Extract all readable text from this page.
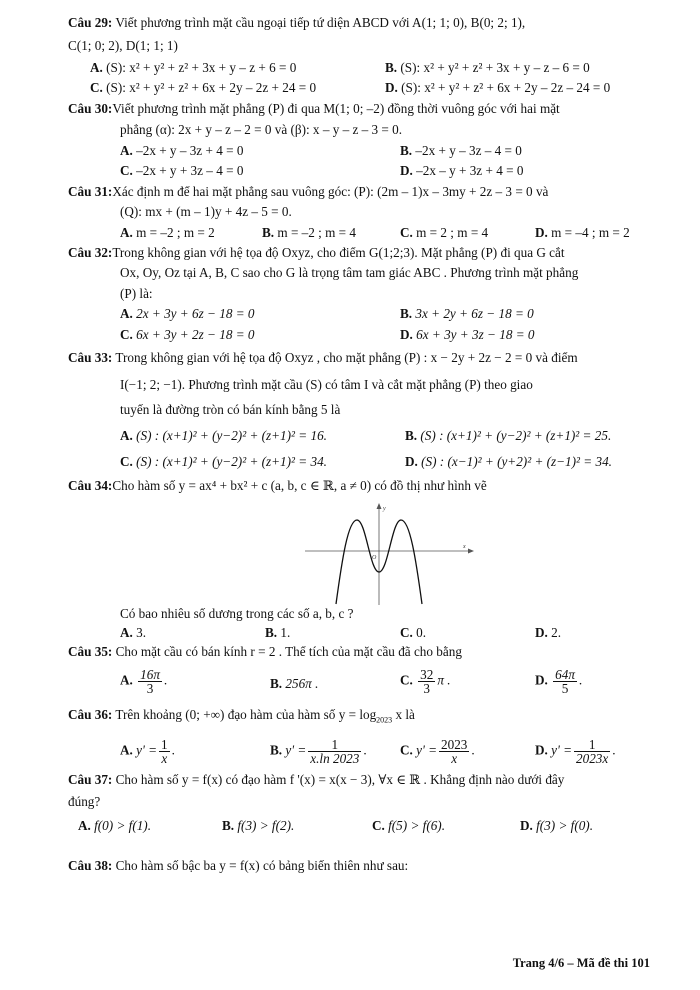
Câu 29: Viết phương trình mặt cầu ngoại tiếp tứ diện ABCD với A(1; 1; 0), B(0; 2; 1),
C(1; 0; 2), D(1; 1; 1)
A. (S): x² + y² + z² + 3x + y – z + 6 = 0	B. (S): x² + y² + z² + 3x + y – z – 6 = 0
C. (S): x² + y² + z² + 6x + 2y – 2z + 24 = 0	D. (S): x² + y² + z² + 6x + 2y – 2z – 24 = 0
Câu 30:Viết phương trình mặt phẳng (P) đi qua M(1; 0; –2) đồng thời vuông góc với hai mặt
phẳng (α): 2x + y – z – 2 = 0 và (β): x – y – z – 3 = 0.
A. –2x + y – 3z + 4 = 0	B. –2x + y – 3z – 4 = 0
C. –2x + y + 3z – 4 = 0	D. –2x – y + 3z + 4 = 0
Câu 31:Xác định m để hai mặt phẳng sau vuông góc: (P): (2m – 1)x – 3my + 2z – 3 = 0 và
(Q): mx + (m – 1)y + 4z – 5 = 0.
A. m = –2 ; m = 2	B. m = –2 ; m = 4	C. m = 2 ; m = 4	D. m = –4 ; m = 2
Câu 32:Trong không gian với hệ tọa độ Oxyz, cho điểm G(1;2;3). Mặt phẳng (P) đi qua G cắt
Ox, Oy, Oz tại A, B, C sao cho G là trọng tâm tam giác ABC . Phương trình mặt phẳng
(P) là:
A. 2x + 3y + 6z − 18 = 0	B. 3x + 2y + 6z − 18 = 0
C. 6x + 3y + 2z − 18 = 0	D. 6x + 3y + 3z − 18 = 0
Câu 33: Trong không gian với hệ tọa độ Oxyz , cho mặt phẳng (P) : x − 2y + 2z − 2 = 0 và điểm
I(−1; 2; −1). Phương trình mặt cầu (S) có tâm I và cắt mặt phẳng (P) theo giao
tuyến là đường tròn có bán kính bằng 5 là
A. (S) : (x+1)² + (y−2)² + (z+1)² = 16.	B. (S) : (x+1)² + (y−2)² + (z+1)² = 25.
C. (S) : (x+1)² + (y−2)² + (z+1)² = 34.	D. (S) : (x−1)² + (y+2)² + (z−1)² = 34.
Câu 34:Cho hàm số y = ax⁴ + bx² + c (a, b, c ∈ ℝ, a ≠ 0) có đồ thị như hình vẽ
y
x
O
Có bao nhiêu số dương trong các số a, b, c ?
A. 3.	B. 1.	C. 0.	D. 2.
Câu 35: Cho mặt cầu có bán kính r = 2 . Thể tích của mặt cầu đã cho bằng
A. $\frac{16\pi}{3}$ .	B. 256π .	C. $\frac{32}{3}$ π .	D. $\frac{64\pi}{5}$ .
Câu 36: Trên khoảng (0; +∞) đạo hàm của hàm số $y = \log_{2023} x$ là
A. $y' = \frac{1}{x}$ .	B. $y' = \frac{1}{x.\ln 2023}$ .	C. $y' = \frac{2023}{x}$ .	D. $y' = \frac{1}{2023x}$ .
Câu 37: Cho hàm số y = f(x) có đạo hàm f '(x) = x(x − 3), ∀x ∈ ℝ . Khẳng định nào dưới đây
đúng?
A. f(0) > f(1).	B. f(3) > f(2).	C. f(5) > f(6).	D. f(3) > f(0).
Câu 38: Cho hàm số bậc ba y = f(x) có bảng biến thiên như sau:
Trang 4/6 – Mã đề thi 101
